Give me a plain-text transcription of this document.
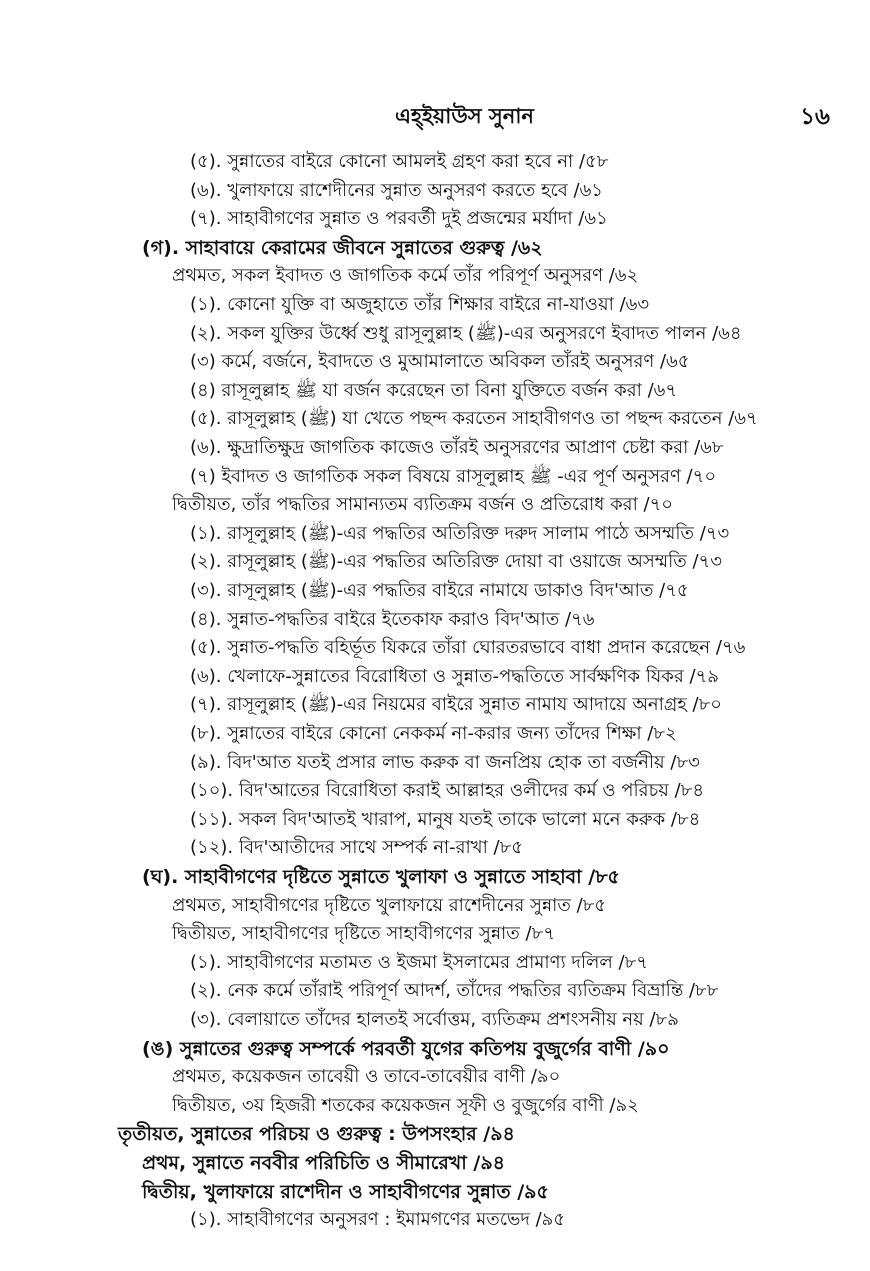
এহ্ইয়াউস সুনান	১৬
(৫). সুন্নাতের বাইরে কোনো আমলই গ্রহণ করা হবে না /৫৮
(৬). খুলাফায়ে রাশেদীনের সুন্নাত অনুসরণ করতে হবে /৬১
(৭). সাহাবীগণের সুন্নাত ও পরবর্তী দুই প্রজন্মের মর্যাদা /৬১
(গ). সাহাবায়ে কেরামের জীবনে সুন্নাতের গুরুত্ব /৬২
প্রথমত, সকল ইবাদত ও জাগতিক কর্মে তাঁর পরিপূর্ণ অনুসরণ /৬২
(১). কোনো যুক্তি বা অজুহাতে তাঁর শিক্ষার বাইরে না-যাওয়া /৬৩
(২). সকল যুক্তির উর্ধ্বে শুধু রাসূলুল্লাহ (ﷺ)-এর অনুসরণে ইবাদত পালন /৬৪
(৩) কর্মে, বর্জনে, ইবাদতে ও মুআমালাতে অবিকল তাঁরই অনুসরণ /৬৫
(৪) রাসূলুল্লাহ ﷺ যা বর্জন করেছেন তা বিনা যুক্তিতে বর্জন করা /৬৭
(৫). রাসূলুল্লাহ (ﷺ) যা খেতে পছন্দ করতেন সাহাবীগণও তা পছন্দ করতেন /৬৭
(৬). ক্ষুদ্রাতিক্ষুদ্র জাগতিক কাজেও তাঁরই অনুসরণের আপ্রাণ চেষ্টা করা /৬৮
(৭) ইবাদত ও জাগতিক সকল বিষয়ে রাসূলুল্লাহ ﷺ -এর পূর্ণ অনুসরণ /৭০
দ্বিতীয়ত, তাঁর পদ্ধতির সামান্যতম ব্যতিক্রম বর্জন ও প্রতিরোধ করা /৭০
(১). রাসূলুল্লাহ (ﷺ)-এর পদ্ধতির অতিরিক্ত দরুদ সালাম পাঠে অসম্মতি /৭৩
(২). রাসূলুল্লাহ (ﷺ)-এর পদ্ধতির অতিরিক্ত দোয়া বা ওয়াজে অসম্মতি /৭৩
(৩). রাসূলুল্লাহ (ﷺ)-এর পদ্ধতির বাইরে নামাযে ডাকাও বিদ'আত /৭৫
(৪). সুন্নাত-পদ্ধতির বাইরে ইতেকাফ করাও বিদ'আত /৭৬
(৫). সুন্নাত-পদ্ধতি বহির্ভূত যিকরে তাঁরা ঘোরতরভাবে বাধা প্রদান করেছেন /৭৬
(৬). খেলাফে-সুন্নাতের বিরোধিতা ও সুন্নাত-পদ্ধতিতে সার্বক্ষণিক যিকর /৭৯
(৭). রাসূলুল্লাহ (ﷺ)-এর নিয়মের বাইরে সুন্নাত নামায আদায়ে অনাগ্রহ /৮০
(৮). সুন্নাতের বাইরে কোনো নেককর্ম না-করার জন্য তাঁদের শিক্ষা /৮২
(৯). বিদ'আত যতই প্রসার লাভ করুক বা জনপ্রিয় হোক তা বর্জনীয় /৮৩
(১০). বিদ'আতের বিরোধিতা করাই আল্লাহর ওলীদের কর্ম ও পরিচয় /৮৪
(১১). সকল বিদ'আতই খারাপ, মানুষ যতই তাকে ভালো মনে করুক /৮৪
(১২). বিদ'আতীদের সাথে সম্পর্ক না-রাখা /৮৫
(ঘ). সাহাবীগণের দৃষ্টিতে সুন্নাতে খুলাফা ও সুন্নাতে সাহাবা /৮৫
প্রথমত, সাহাবীগণের দৃষ্টিতে খুলাফায়ে রাশেদীনের সুন্নাত /৮৫
দ্বিতীয়ত, সাহাবীগণের দৃষ্টিতে সাহাবীগণের সুন্নাত /৮৭
(১). সাহাবীগণের মতামত ও ইজমা ইসলামের প্রামাণ্য দলিল /৮৭
(২). নেক কর্মে তাঁরাই পরিপূর্ণ আদর্শ, তাঁদের পদ্ধতির ব্যতিক্রম বিভ্রান্তি /৮৮
(৩). বেলায়াতে তাঁদের হালতই সর্বোত্তম, ব্যতিক্রম প্রশংসনীয় নয় /৮৯
(ঙ) সুন্নাতের গুরুত্ব সম্পর্কে পরবর্তী যুগের কতিপয় বুজুর্গের বাণী /৯০
প্রথমত, কয়েকজন তাবেয়ী ও তাবে-তাবেয়ীর বাণী /৯০
দ্বিতীয়ত, ৩য় হিজরী শতকের কয়েকজন সূফী ও বুজুর্গের বাণী /৯২
তৃতীয়ত, সুন্নাতের পরিচয় ও গুরুত্ব : উপসংহার /৯৪
প্রথম, সুন্নাতে নববীর পরিচিতি ও সীমারেখা /৯৪
দ্বিতীয়, খুলাফায়ে রাশেদীন ও সাহাবীগণের সুন্নাত /৯৫
(১). সাহাবীগণের অনুসরণ : ইমামগণের মতভেদ /৯৫
